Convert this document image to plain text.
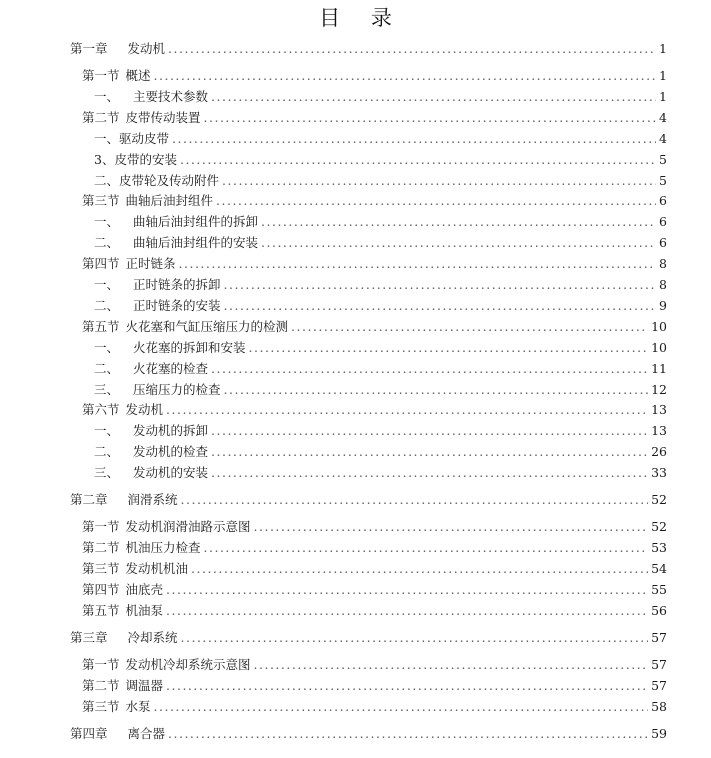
目 录
第一章 发动机 .....	1
第一节 概述 .....	1
一、 主要技术参数 .....	1
第二节 皮带传动装置 .....	4
一、驱动皮带 .....	4
3、皮带的安装 .....	5
二、皮带轮及传动附件 .....	5
第三节 曲轴后油封组件 .....	6
一、 曲轴后油封组件的拆卸 .....	6
二、 曲轴后油封组件的安装 .....	6
第四节 正时链条 .....	8
一、 正时链条的拆卸 .....	8
二、 正时链条的安装 .....	9
第五节 火花塞和气缸压缩压力的检测 .....	10
一、 火花塞的拆卸和安装 .....	10
二、 火花塞的检查 .....	11
三、 压缩压力的检查 .....	12
第六节 发动机 .....	13
一、 发动机的拆卸 .....	13
二、 发动机的检查 .....	26
三、 发动机的安装 .....	33
第二章 润滑系统 .....	52
第一节 发动机润滑油路示意图 .....	52
第二节 机油压力检查 .....	53
第三节 发动机机油 .....	54
第四节 油底壳 .....	55
第五节 机油泵 .....	56
第三章 冷却系统 .....	57
第一节 发动机冷却系统示意图 .....	57
第二节 调温器 .....	57
第三节 水泵 .....	58
第四章 离合器 .....	59
